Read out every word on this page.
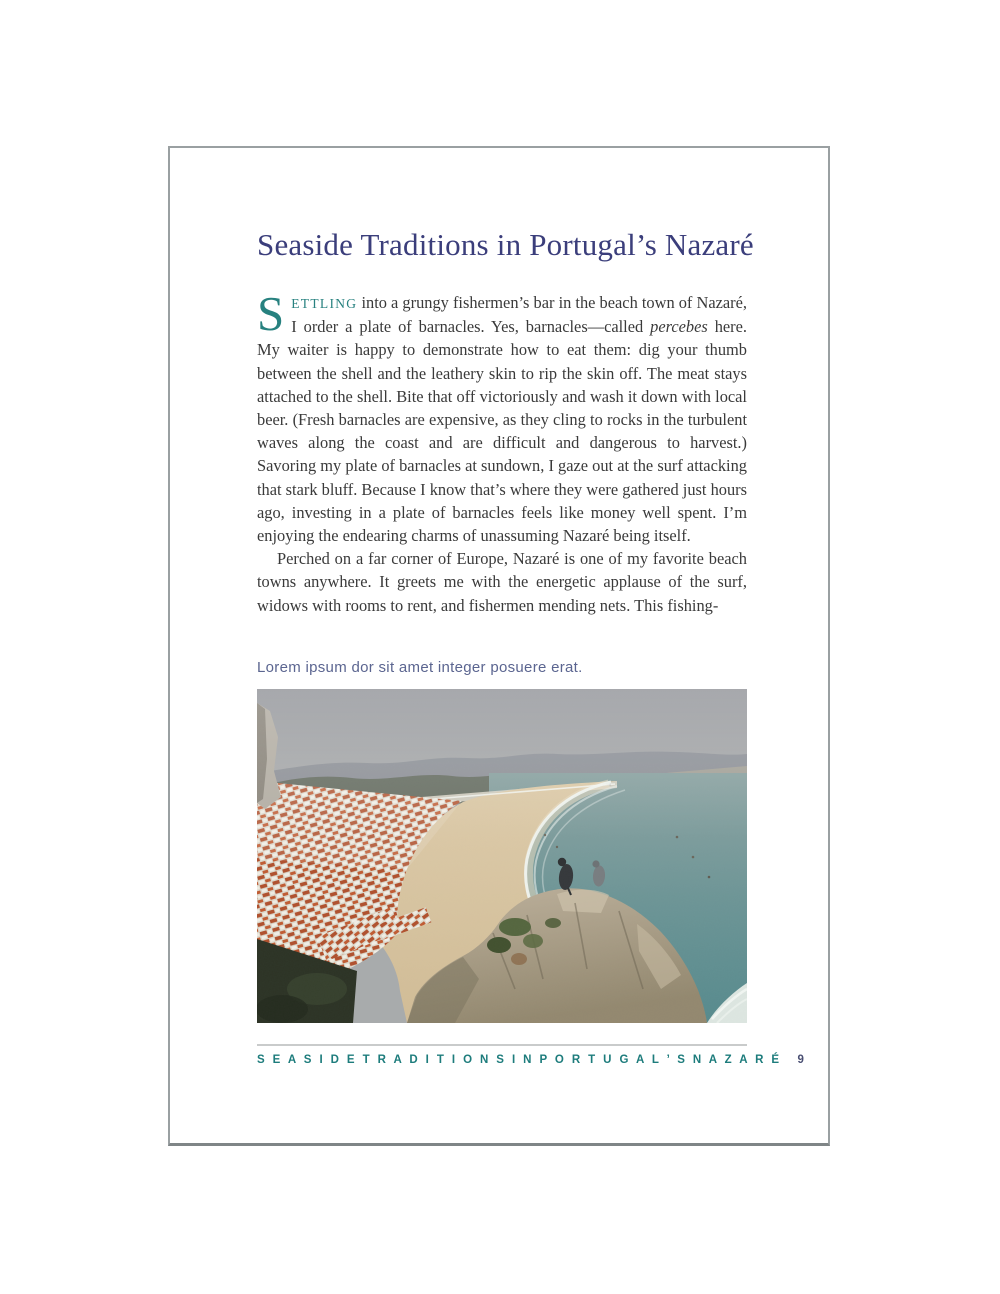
Seaside Traditions in Portugal’s Nazaré

SETTLING into a grungy fishermen’s bar in the beach town of Nazaré, I order a plate of barnacles. Yes, barnacles—called percebes here. My waiter is happy to demonstrate how to eat them: dig your thumb between the shell and the leathery skin to rip the skin off. The meat stays attached to the shell. Bite that off victoriously and wash it down with local beer. (Fresh barnacles are expensive, as they cling to rocks in the turbulent waves along the coast and are difficult and dangerous to harvest.) Savoring my plate of barnacles at sundown, I gaze out at the surf attacking that stark bluff. Because I know that’s where they were gathered just hours ago, investing in a plate of barnacles feels like money well spent. I’m enjoying the endearing charms of unassuming Nazaré being itself.

Perched on a far corner of Europe, Nazaré is one of my favorite beach towns anywhere. It greets me with the energetic applause of the surf, widows with rooms to rent, and fishermen mending nets. This fishing-

Lorem ipsum dor sit amet integer posuere erat.
S E A S I D E T R A D I T I O N S I N P O R T U G A L ’ S N A Z A R É 9
